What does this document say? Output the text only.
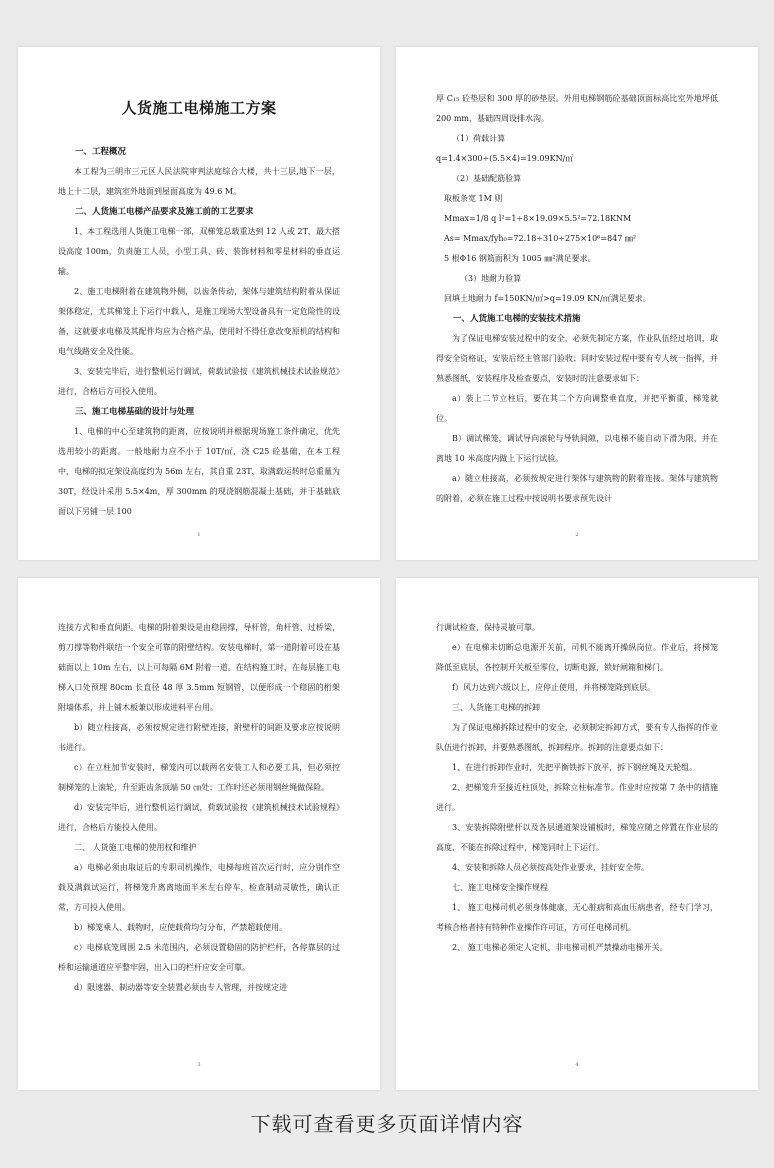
人货施工电梯施工方案

一、工程概况

本工程为三明市三元区人民法院审判法庭综合大楼，共十三层,地下一层，地上十二层，建筑室外地面到屋面高度为 49.6 M。

二、人货施工电梯产品要求及施工前的工艺要求

1、本工程选用人货施工电梯一部，双梯笼总载重达到 12 人或 2T、最大搭设高度 100m，负责施工人员，小型工具、砖、装饰材料和零星材料的垂直运输。

2、施工电梯附着在建筑物外侧，以齿条传动，架体与建筑结构附着从保证架体稳定，尤其梯笼上下运行中载人，是施工现场大型设备具有一定危险性的设备，这就要求电梯及其配件均应为合格产品，使用时不得任意改变原机的结构和电气线路安全及性能。

3、安装完毕后，进行整机运行调试，荷载试验按《建筑机械技术试验规范》进行，合格后方可投入使用。

三、施工电梯基础的设计与处理

1、电梯的中心至建筑物的距离，应按说明并根据现场施工条件确定，优先选用较小的距离。一般地耐力应不小于 10T/㎡，浇 C25 砼基础，在本工程中，电梯的拟定架设高度约为 56m 左右，其自重 23T，取满载运转时总重量为 30T，经设计采用 5.5×4m，厚 300mm 的现浇钢筋混凝土基础，并于基础底面以下另铺一层 100

1

厚 C₁₅ 砼垫层和 300 厚的砂垫层。外用电梯钢筋砼基础顶面标高比室外地坪低 200 mm，基础四周设排水沟。

（1）荷载计算

q=1.4×300÷(5.5×4)=19.09KN/㎡

（2）基础配筋验算

取板条宽 1M 则

Mmax=1/8 q l²=1÷8×19.09×5.5²=72.18KNM

As= Mmax/fyh₀=72.18÷310÷275×10⁶=847 ㎜²

5 根Φ16 钢筋面积为 1005 ㎜²满足要求。

（3）地耐力验算

回填土地耐力 f=150KN/㎡>q=19.09 KN/㎡满足要求。

一、人货施工电梯的安装技术措施

为了保证电梯安装过程中的安全，必须先制定方案，作业队伍经过培训，取得安全资格证，安装后经主管部门验收；同时安装过程中要有专人统一指挥，并熟悉图纸，安装程序及检查要点，安装时的注意要求如下：

a）装上二节立柱后，要在其二个方向调整垂直度，并把平衡重，梯笼就位。

B）调试梯笼，调试导向滚轮与导轨间隙，以电梯不能自动下滑为限，并在离地 10 米高度内做上下运行试验。

a）随立柱接高，必须按规定进行架体与建筑物的附着连接。架体与建筑物的附着，必须在施工过程中按说明书要求预先设计

2

连接方式和垂直间距。电梯的附着架设是由稳固撑，导杆管，角杆管、过桥梁，剪刀撑等物件联结一个安全可靠的附壁结构。安装电梯时，第一道附着可设在基础面以上 10m 左右，以上可每隔 6M 附着一道。在结构施工时，在每层施工电梯入口处预埋 80cm 长直径 48 厚 3.5mm 短钢管，以便形成一个稳固的桁架附墙体系，并上铺木板兼以形成进料平台用。

b）随立柱接高，必须按规定进行附壁连接，附壁杆的间距及要求应按说明书进行。

c）在立柱加节安装时，梯笼内可以载两名安装工人和必要工具，但必须控制梯笼的上滚轮，升至距齿条顶端 50 ㎝处；工作时还必须用钢丝绳做保险。

d）安装完毕后，进行整机运行调试，荷载试验按《建筑机械技术试验规程》进行，合格后方能投入使用。

二、 人货施工电梯的使用权和维护

a）电梯必须由取证后的专职司机操作，电梯每班首次运行时，应分别作空载及满载试运行，将梯笼升离离地面半米左右停车，检查制动灵敏性，确认正常，方可投入使用。

b）梯笼乘人、载物时，应使载荷均匀分布，严禁超载使用。

c）电梯底笼周围 2.5 米范围内，必须设置稳固的防护栏杆，各停靠层的过桥和运输通道应平整牢固，出入口的栏杆应安全可靠。

d）限速器、制动器等安全装置必须由专人管理，并按规定进

3

行调试检查，保持灵敏可靠。

e）在电梯未切断总电源开关前，司机不能离开操纵岗位。作业后，将梯笼降低至底层，各控制开关板至零位，切断电源，锁好闸箱和梯门。

f）风力达到六级以上，应停止使用，并将梯笼降到底层。

三、人货施工电梯的拆卸

为了保证电梯拆除过程中的安全，必须制定拆卸方式，要有专人指挥的作业队伍进行拆卸，并要熟悉图纸，拆卸程序。拆卸的注意要点如下：

1、在进行拆卸作业时，先把平衡铁拆下放平，拆下钢丝绳及天轮组。

2、把梯笼升至接近柱顶处，拆除立柱标准节。作业时应按第 7 条中的措施进行。

3、安装拆除附壁杆以及各层通道架设铺板时，梯笼应随之停置在作业层的高度，不能在拆除过程中，梯笼同时上下运行。

4、安装和拆除人员必须按高处作业要求，挂好安全带。

七、施工电梯安全操作规程

1、 施工电梯司机必须身体健康，无心脏病和高血压病患者，经专门学习，考核合格者持有特种作业操作许可证，方可任电梯司机。

2、 施工电梯必须定人定机，非电梯司机严禁操动电梯开关。

4
下载可查看更多页面详情内容
